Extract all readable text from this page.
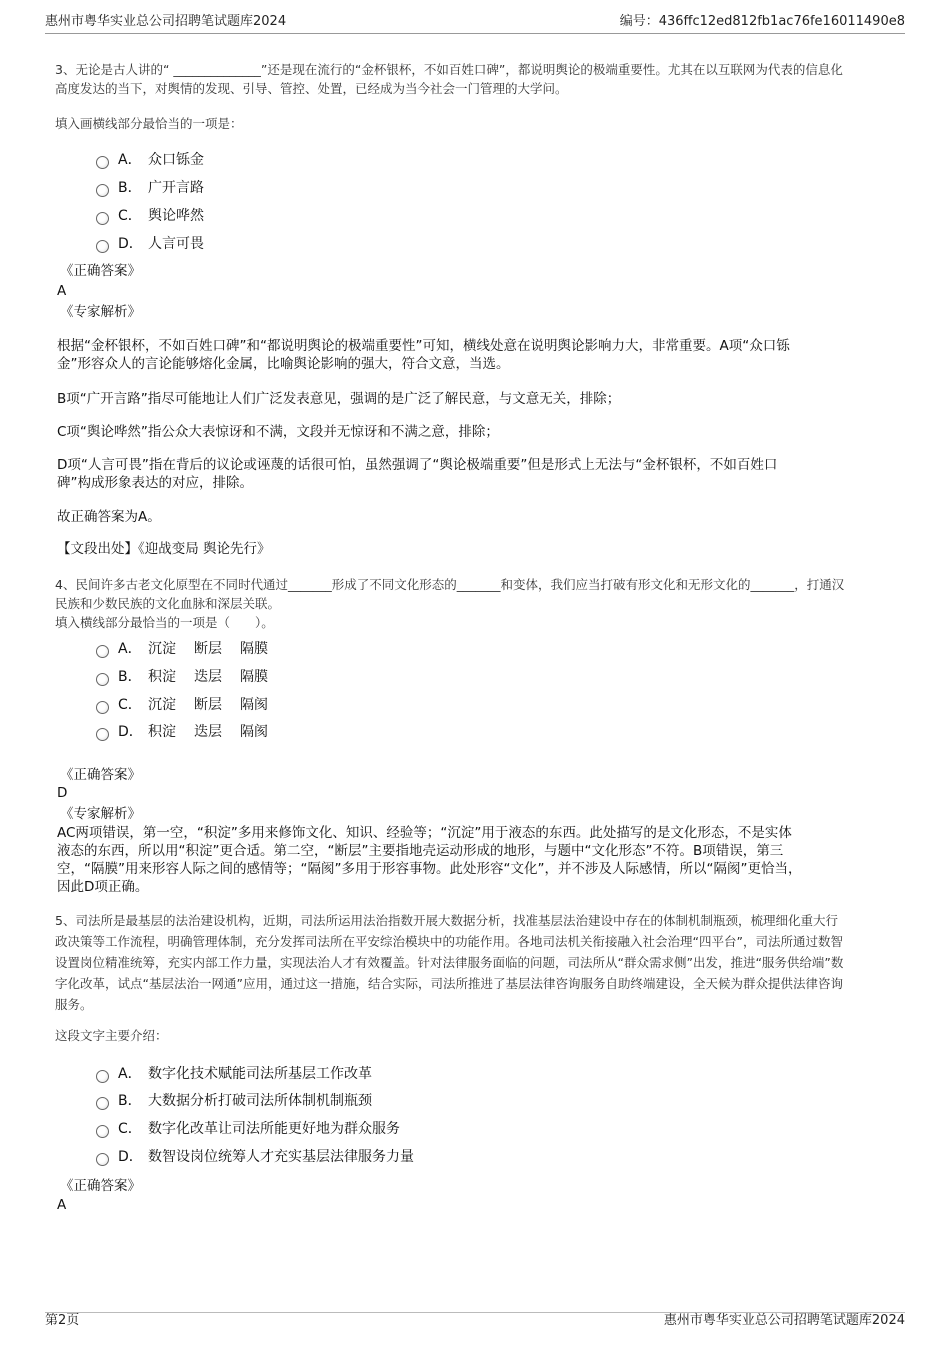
惠州市粤华实业总公司招聘笔试题库2024	编号：436ffc12ed812fb1ac76fe16011490e8
3、无论是古人讲的“ ______________”还是现在流行的“金杯银杯，不如百姓口碑”，都说明舆论的极端重要性。尤其在以互联网为代表的信息化
高度发达的当下，对舆情的发现、引导、管控、处置，已经成为当今社会一门管理的大学问。
填入画横线部分最恰当的一项是：
A． 众口铄金
B． 广开言路
C． 舆论哗然
D． 人言可畏
《正确答案》
A
《专家解析》
根据“金杯银杯，不如百姓口碑”和“都说明舆论的极端重要性”可知，横线处意在说明舆论影响力大，非常重要。A项“众口铄
金”形容众人的言论能够熔化金属，比喻舆论影响的强大，符合文意，当选。
B项“广开言路”指尽可能地让人们广泛发表意见，强调的是广泛了解民意，与文意无关，排除；
C项“舆论哗然”指公众大表惊讶和不满，文段并无惊讶和不满之意，排除；
D项“人言可畏”指在背后的议论或诬蔑的话很可怕，虽然强调了“舆论极端重要”但是形式上无法与“金杯银杯，不如百姓口
碑”构成形象表达的对应，排除。
故正确答案为A。
【文段出处】《迎战变局 舆论先行》
4、民间许多古老文化原型在不同时代通过_______形成了不同文化形态的_______和变体，我们应当打破有形文化和无形文化的_______，打通汉
民族和少数民族的文化血脉和深层关联。
填入横线部分最恰当的一项是（　　）。
A． 沉淀 断层 隔膜
B． 积淀 迭层 隔膜
C． 沉淀 断层 隔阂
D． 积淀 迭层 隔阂
《正确答案》
D
《专家解析》
AC两项错误，第一空，“积淀”多用来修饰文化、知识、经验等；“沉淀”用于液态的东西。此处描写的是文化形态，不是实体
液态的东西，所以用“积淀”更合适。第二空，“断层”主要指地壳运动形成的地形，与题中“文化形态”不符。B项错误，第三
空，“隔膜”用来形容人际之间的感情等；“隔阂”多用于形容事物。此处形容“文化”，并不涉及人际感情，所以“隔阂”更恰当，
因此D项正确。
5、司法所是最基层的法治建设机构，近期，司法所运用法治指数开展大数据分析，找准基层法治建设中存在的体制机制瓶颈，梳理细化重大行
政决策等工作流程，明确管理体制，充分发挥司法所在平安综治模块中的功能作用。各地司法机关衔接融入社会治理“四平台”，司法所通过数智
设置岗位精准统筹，充实内部工作力量，实现法治人才有效覆盖。针对法律服务面临的问题，司法所从“群众需求侧”出发，推进“服务供给端”数
字化改革，试点“基层法治一网通”应用，通过这一措施，结合实际，司法所推进了基层法律咨询服务自助终端建设，全天候为群众提供法律咨询
服务。
这段文字主要介绍：
A． 数字化技术赋能司法所基层工作改革
B． 大数据分析打破司法所体制机制瓶颈
C． 数字化改革让司法所能更好地为群众服务
D． 数智设岗位统筹人才充实基层法律服务力量
《正确答案》
A
第2页	惠州市粤华实业总公司招聘笔试题库2024
